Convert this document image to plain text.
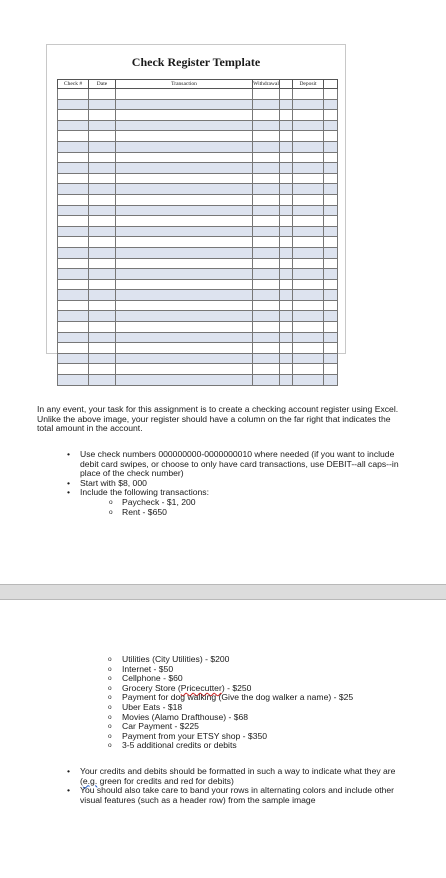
Check Register Template
Check #	Date	Transaction	Withdrawal		Deposit	

In any event, your task for this assignment is to create a checking account register using Excel. Unlike the above image, your register should have a column on the far right that indicates the total amount in the account.
• Use check numbers 000000000-0000000010 where needed (if you want to include debit card swipes, or choose to only have card transactions, use DEBIT--all caps--in place of the check number)
• Start with $8, 000
• Include the following transactions:
o Paycheck - $1, 200
o Rent - $650
o Utilities (City Utilities) - $200
o Internet - $50
o Cellphone - $60
o Grocery Store (Pricecutter) - $250
o Payment for dog walking (Give the dog walker a name) - $25
o Uber Eats - $18
o Movies (Alamo Drafthouse) - $68
o Car Payment - $225
o Payment from your ETSY shop - $350
o 3-5 additional credits or debits
• Your credits and debits should be formatted in such a way to indicate what they are (e.g. green for credits and red for debits)
• You should also take care to band your rows in alternating colors and include other visual features (such as a header row) from the sample image
